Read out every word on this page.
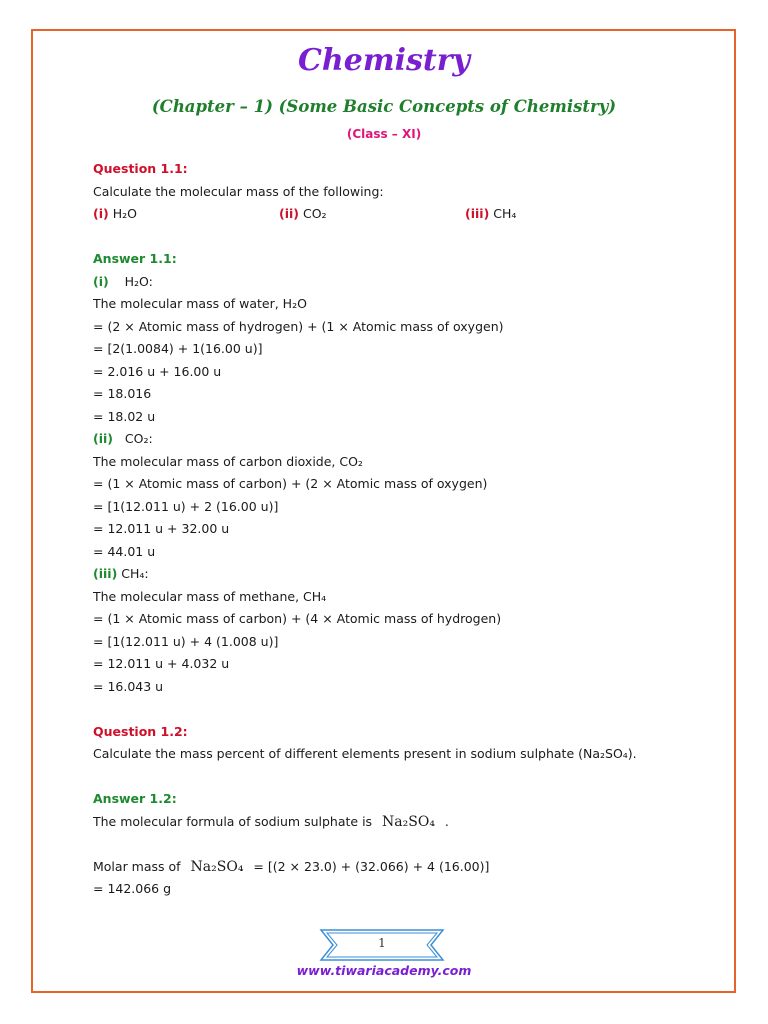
Chemistry
(Chapter – 1) (Some Basic Concepts of Chemistry)
(Class – XI)
Question 1.1:
Calculate the molecular mass of the following:
(i) H₂O	(ii) CO₂	(iii) CH₄
Answer 1.1:
(i) H₂O:
The molecular mass of water, H₂O
= (2 × Atomic mass of hydrogen) + (1 × Atomic mass of oxygen)
= [2(1.0084) + 1(16.00 u)]
= 2.016 u + 16.00 u
= 18.016
= 18.02 u
(ii) CO₂:
The molecular mass of carbon dioxide, CO₂
= (1 × Atomic mass of carbon) + (2 × Atomic mass of oxygen)
= [1(12.011 u) + 2 (16.00 u)]
= 12.011 u + 32.00 u
= 44.01 u
(iii) CH₄:
The molecular mass of methane, CH₄
= (1 × Atomic mass of carbon) + (4 × Atomic mass of hydrogen)
= [1(12.011 u) + 4 (1.008 u)]
= 12.011 u + 4.032 u
= 16.043 u
Question 1.2:
Calculate the mass percent of different elements present in sodium sulphate (Na₂SO₄).
Answer 1.2:
The molecular formula of sodium sulphate is Na₂SO₄ .
Molar mass of Na₂SO₄ = [(2 × 23.0) + (32.066) + 4 (16.00)]
= 142.066 g
1
www.tiwariacademy.com
